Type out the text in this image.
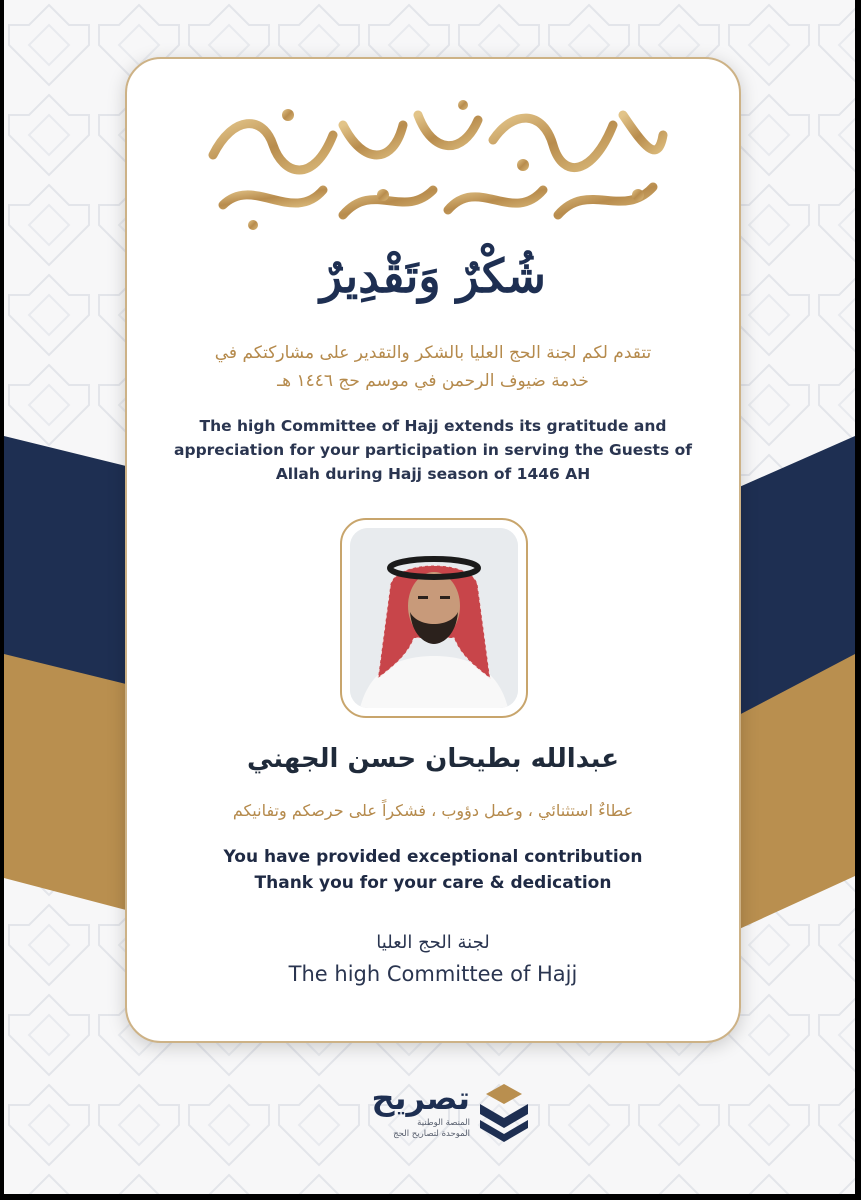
شُكْرٌ وَتَقْدِيرٌ
تتقدم لكم لجنة الحج العليا بالشكر والتقدير على مشاركتكم في
خدمة ضيوف الرحمن في موسم حج ١٤٤٦ هـ
The high Committee of Hajj extends its gratitude and
appreciation for your participation in serving the Guests of
Allah during Hajj season of 1446 AH
عبدالله بطيحان حسن الجهني
عطاءٌ استثنائي ، وعمل دؤوب ، فشكراً على حرصكم وتفانيكم
You have provided exceptional contribution
Thank you for your care & dedication
لجنة الحج العليا
The high Committee of Hajj
تصريح
المنصة الوطنية
الموحدة لتصاريح الحج
